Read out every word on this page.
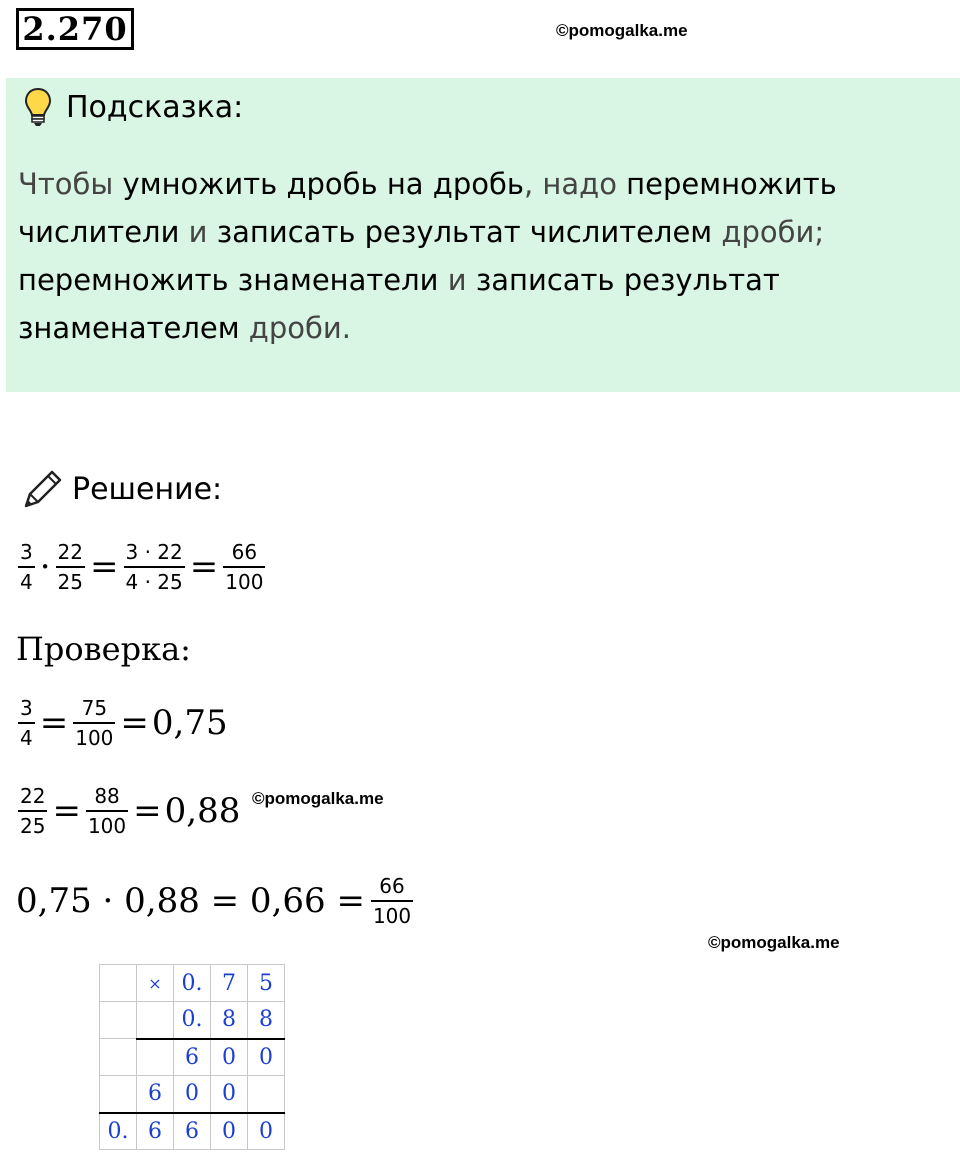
2.270	©pomogalka.me
Подсказка:
Чтобы умножить дробь на дробь, надо перемножить числители и записать результат числителем дроби; перемножить знаменатели и записать результат знаменателем дроби.
Решение:
$\frac{3}{4} \cdot \frac{22}{25} = \frac{3 \cdot 22}{4 \cdot 25} = \frac{66}{100}$
Проверка:
$\frac{3}{4} = \frac{75}{100} =0,75$
$\frac{22}{25} = \frac{88}{100} =0,88$ ©pomogalka.me
$0,75 \cdot 0,88 = 0,66 = \frac{66}{100}$
©pomogalka.me
	×	0.	7	5
		0.	8	8
		6	0	0
	6	0	0	
0.	6	6	0	0
